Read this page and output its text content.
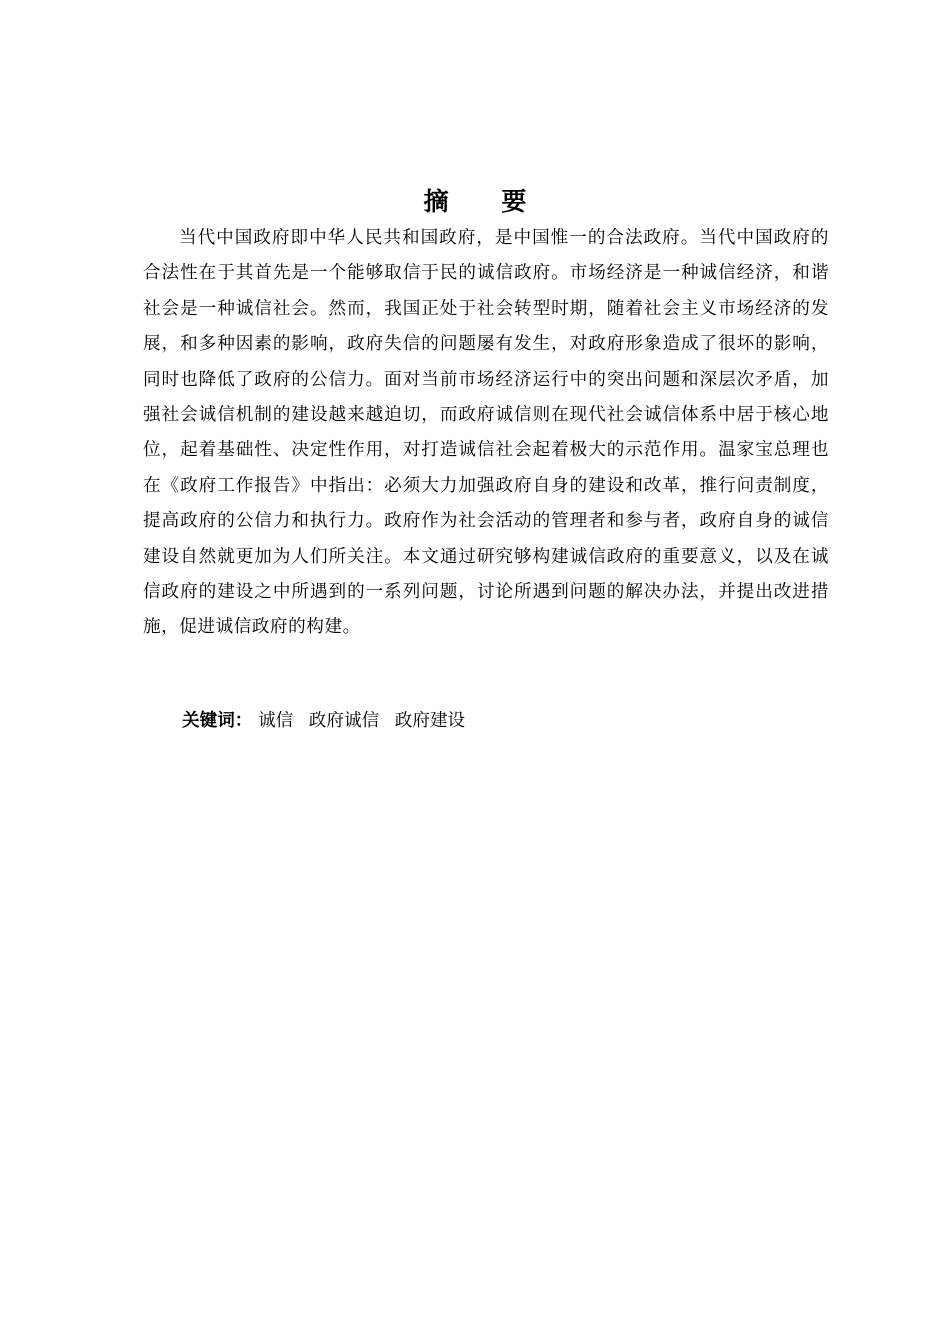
摘 要

当代中国政府即中华人民共和国政府，是中国惟一的合法政府。当代中国政府的合法性在于其首先是一个能够取信于民的诚信政府。市场经济是一种诚信经济，和谐社会是一种诚信社会。然而，我国正处于社会转型时期，随着社会主义市场经济的发展，和多种因素的影响，政府失信的问题屡有发生，对政府形象造成了很坏的影响，同时也降低了政府的公信力。面对当前市场经济运行中的突出问题和深层次矛盾，加强社会诚信机制的建设越来越迫切，而政府诚信则在现代社会诚信体系中居于核心地位，起着基础性、决定性作用，对打造诚信社会起着极大的示范作用。温家宝总理也在《政府工作报告》中指出：必须大力加强政府自身的建设和改革，推行问责制度，提高政府的公信力和执行力。政府作为社会活动的管理者和参与者，政府自身的诚信建设自然就更加为人们所关注。本文通过研究够构建诚信政府的重要意义，以及在诚信政府的建设之中所遇到的一系列问题，讨论所遇到问题的解决办法，并提出改进措施，促进诚信政府的构建。

关键词： 诚信 政府诚信 政府建设
